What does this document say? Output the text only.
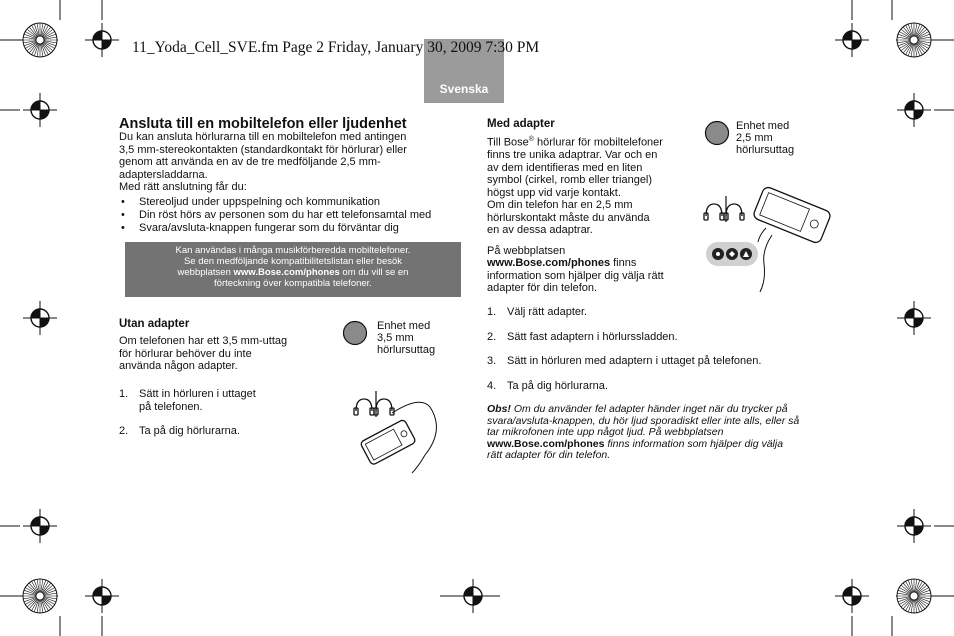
11_Yoda_Cell_SVE.fm Page 2 Friday, January 30, 2009 7:30 PM
Svenska
Ansluta till en mobiltelefon eller ljudenhet
Du kan ansluta hörlurarna till en mobiltelefon med antingen
3,5 mm-stereokontakten (standardkontakt för hörlurar) eller
genom att använda en av de tre medföljande 2,5 mm-
adaptersladdarna.
Med rätt anslutning får du:
• Stereoljud under uppspelning och kommunikation
• Din röst hörs av personen som du har ett telefonsamtal med
• Svara/avsluta-knappen fungerar som du förväntar dig
Kan användas i många musikförberedda mobiltelefoner.
Se den medföljande kompatibilitetslistan eller besök
webbplatsen www.Bose.com/phones om du vill se en
förteckning över kompatibla telefoner.
Utan adapter
Om telefonen har ett 3,5 mm-uttag
för hörlurar behöver du inte
använda någon adapter.
1. Sätt in hörluren i uttaget
på telefonen.
2. Ta på dig hörlurarna.
Enhet med
3,5 mm
hörlursuttag
Med adapter
Till Bose® hörlurar för mobiltelefoner
finns tre unika adaptrar. Var och en
av dem identifieras med en liten
symbol (cirkel, romb eller triangel)
högst upp vid varje kontakt.
Om din telefon har en 2,5 mm
hörlurskontakt måste du använda
en av dessa adaptrar.
På webbplatsen
www.Bose.com/phones finns
information som hjälper dig välja rätt
adapter för din telefon.
Enhet med
2,5 mm
hörlursuttag
1. Välj rätt adapter.
2. Sätt fast adaptern i hörlurssladden.
3. Sätt in hörluren med adaptern i uttaget på telefonen.
4. Ta på dig hörlurarna.
Obs! Om du använder fel adapter händer inget när du trycker på
svara/avsluta-knappen, du hör ljud sporadiskt eller inte alls, eller så
tar mikrofonen inte upp något ljud. På webbplatsen
www.Bose.com/phones finns information som hjälper dig välja
rätt adapter för din telefon.
